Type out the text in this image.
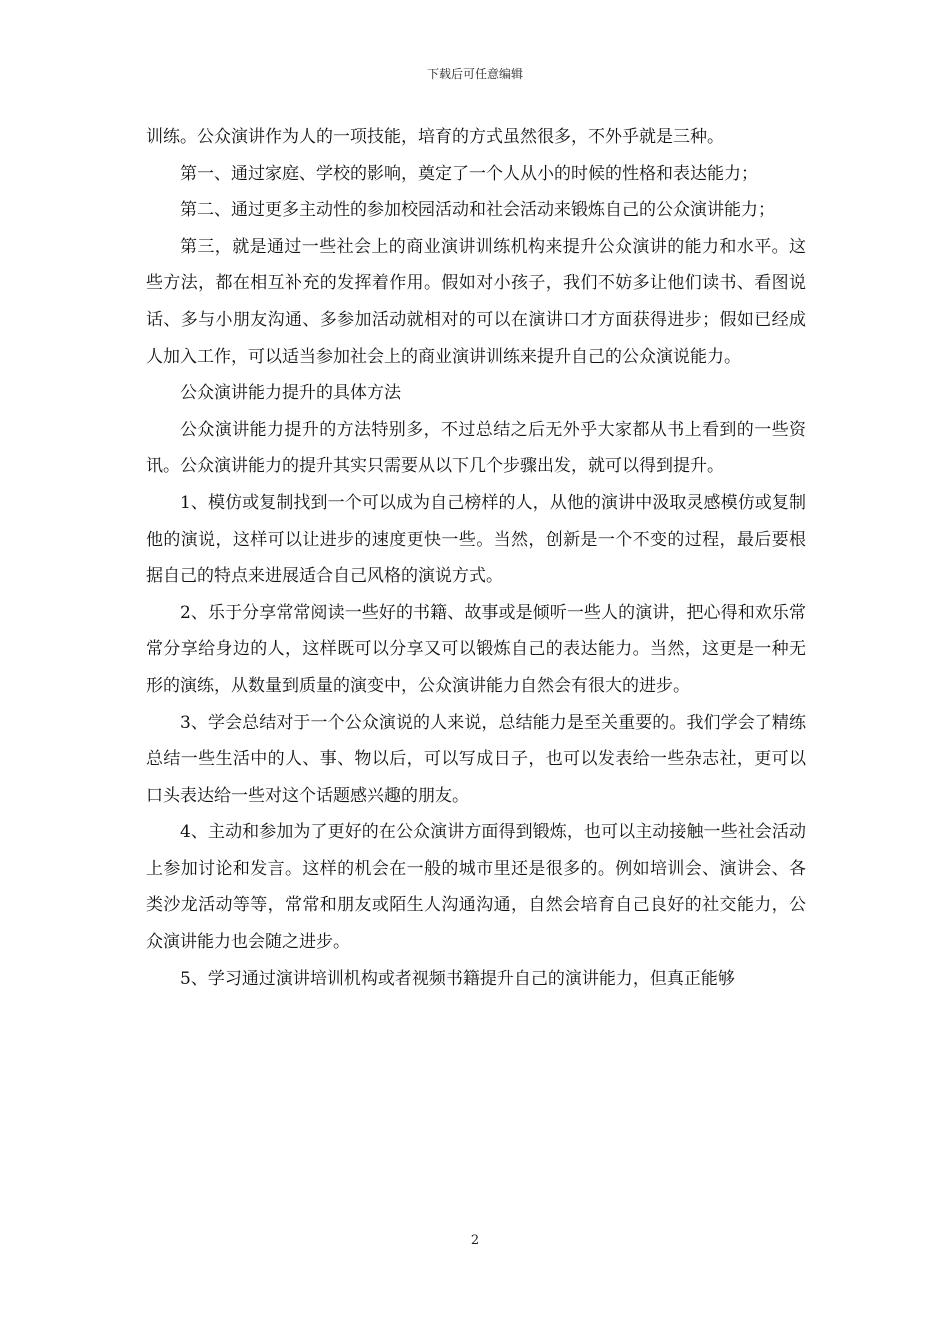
下载后可任意编辑

训练。公众演讲作为人的一项技能，培育的方式虽然很多，不外乎就是三种。

第一、通过家庭、学校的影响，奠定了一个人从小的时候的性格和表达能力；

第二、通过更多主动性的参加校园活动和社会活动来锻炼自己的公众演讲能力；

第三，就是通过一些社会上的商业演讲训练机构来提升公众演讲的能力和水平。这些方法，都在相互补充的发挥着作用。假如对小孩子，我们不妨多让他们读书、看图说话、多与小朋友沟通、多参加活动就相对的可以在演讲口才方面获得进步；假如已经成人加入工作，可以适当参加社会上的商业演讲训练来提升自己的公众演说能力。

公众演讲能力提升的具体方法

公众演讲能力提升的方法特别多，不过总结之后无外乎大家都从书上看到的一些资讯。公众演讲能力的提升其实只需要从以下几个步骤出发，就可以得到提升。

1、模仿或复制找到一个可以成为自己榜样的人，从他的演讲中汲取灵感模仿或复制他的演说，这样可以让进步的速度更快一些。当然，创新是一个不变的过程，最后要根据自己的特点来进展适合自己风格的演说方式。

2、乐于分享常常阅读一些好的书籍、故事或是倾听一些人的演讲，把心得和欢乐常常分享给身边的人，这样既可以分享又可以锻炼自己的表达能力。当然，这更是一种无形的演练，从数量到质量的演变中，公众演讲能力自然会有很大的进步。

3、学会总结对于一个公众演说的人来说，总结能力是至关重要的。我们学会了精练总结一些生活中的人、事、物以后，可以写成日子，也可以发表给一些杂志社，更可以口头表达给一些对这个话题感兴趣的朋友。

4、主动和参加为了更好的在公众演讲方面得到锻炼，也可以主动接触一些社会活动上参加讨论和发言。这样的机会在一般的城市里还是很多的。例如培训会、演讲会、各类沙龙活动等等，常常和朋友或陌生人沟通沟通，自然会培育自己良好的社交能力，公众演讲能力也会随之进步。

5、学习通过演讲培训机构或者视频书籍提升自己的演讲能力，但真正能够

2
